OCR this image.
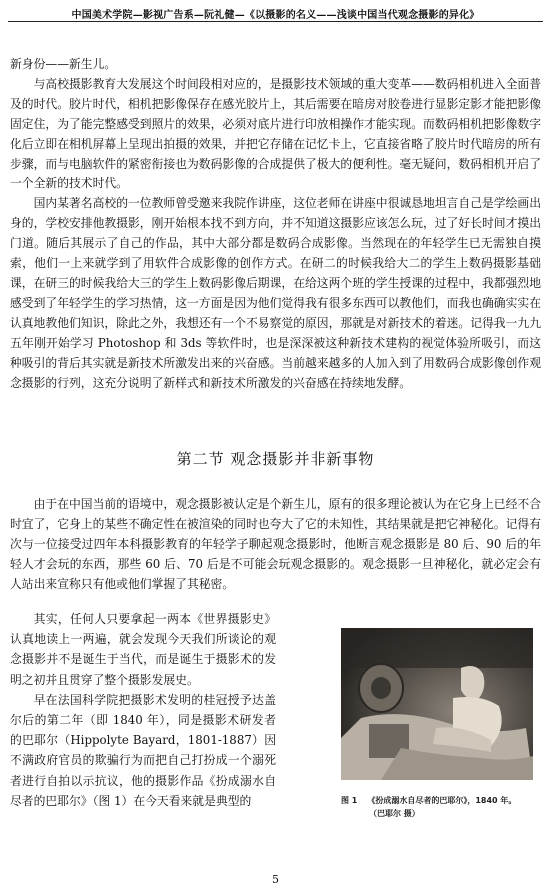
中国美术学院—影视广告系—阮礼健—《以摄影的名义——浅谈中国当代观念摄影的异化》

新身份——新生儿。

与高校摄影教育大发展这个时间段相对应的，是摄影技术领域的重大变革——数码相机进入全面普及的时代。胶片时代，相机把影像保存在感光胶片上，其后需要在暗房对胶卷进行显影定影才能把影像固定住，为了能完整感受到照片的效果，必须对底片进行印放相操作才能实现。而数码相机把影像数字化后立即在相机屏幕上呈现出拍摄的效果，并把它存储在记忆卡上，它直接省略了胶片时代暗房的所有步骤，而与电脑软件的紧密衔接也为数码影像的合成提供了极大的便利性。毫无疑问，数码相机开启了一个全新的技术时代。

国内某著名高校的一位教师曾受邀来我院作讲座，这位老师在讲座中很诚恳地坦言自己是学绘画出身的，学校安排他教摄影，刚开始根本找不到方向，并不知道这摄影应该怎么玩，过了好长时间才摸出门道。随后其展示了自己的作品，其中大部分都是数码合成影像。当然现在的年轻学生已无需独自摸索，他们一上来就学到了用软件合成影像的创作方式。在研二的时候我给大二的学生上数码摄影基础课，在研三的时候我给大三的学生上数码影像后期课，在给这两个班的学生授课的过程中，我都强烈地感受到了年轻学生的学习热情，这一方面是因为他们觉得我有很多东西可以教他们，而我也确确实实在认真地教他们知识，除此之外，我想还有一个不易察觉的原因，那就是对新技术的着迷。记得我一九九五年刚开始学习 Photoshop 和 3ds 等软件时，也是深深被这种新技术建构的视觉体验所吸引，而这种吸引的背后其实就是新技术所激发出来的兴奋感。当前越来越多的人加入到了用数码合成影像创作观念摄影的行列，这充分说明了新样式和新技术所激发的兴奋感在持续地发酵。

第二节 观念摄影并非新事物

由于在中国当前的语境中，观念摄影被认定是个新生儿，原有的很多理论被认为在它身上已经不合时宜了，它身上的某些不确定性在被渲染的同时也夸大了它的未知性，其结果就是把它神秘化。记得有次与一位接受过四年本科摄影教育的年轻学子聊起观念摄影时，他断言观念摄影是 80 后、90 后的年轻人才会玩的东西，那些 60 后、70 后是不可能会玩观念摄影的。观念摄影一旦神秘化，就必定会有人站出来宣称只有他或他们掌握了其秘密。

其实，任何人只要拿起一两本《世界摄影史》认真地读上一两遍，就会发现今天我们所谈论的观念摄影并不是诞生于当代，而是诞生于摄影术的发明之初并且贯穿了整个摄影发展史。

早在法国科学院把摄影术发明的桂冠授予达盖尔后的第二年（即 1840 年），同是摄影术研发者的巴耶尔（Hippolyte Bayard，1801-1887）因不满政府官员的欺骗行为而把自己打扮成一个溺死者进行自拍以示抗议，他的摄影作品《扮成溺水自尽者的巴耶尔》（图 1）在今天看来就是典型的	图 1 《扮成溺水自尽者的巴耶尔》，1840 年。
（巴耶尔 摄）
5
